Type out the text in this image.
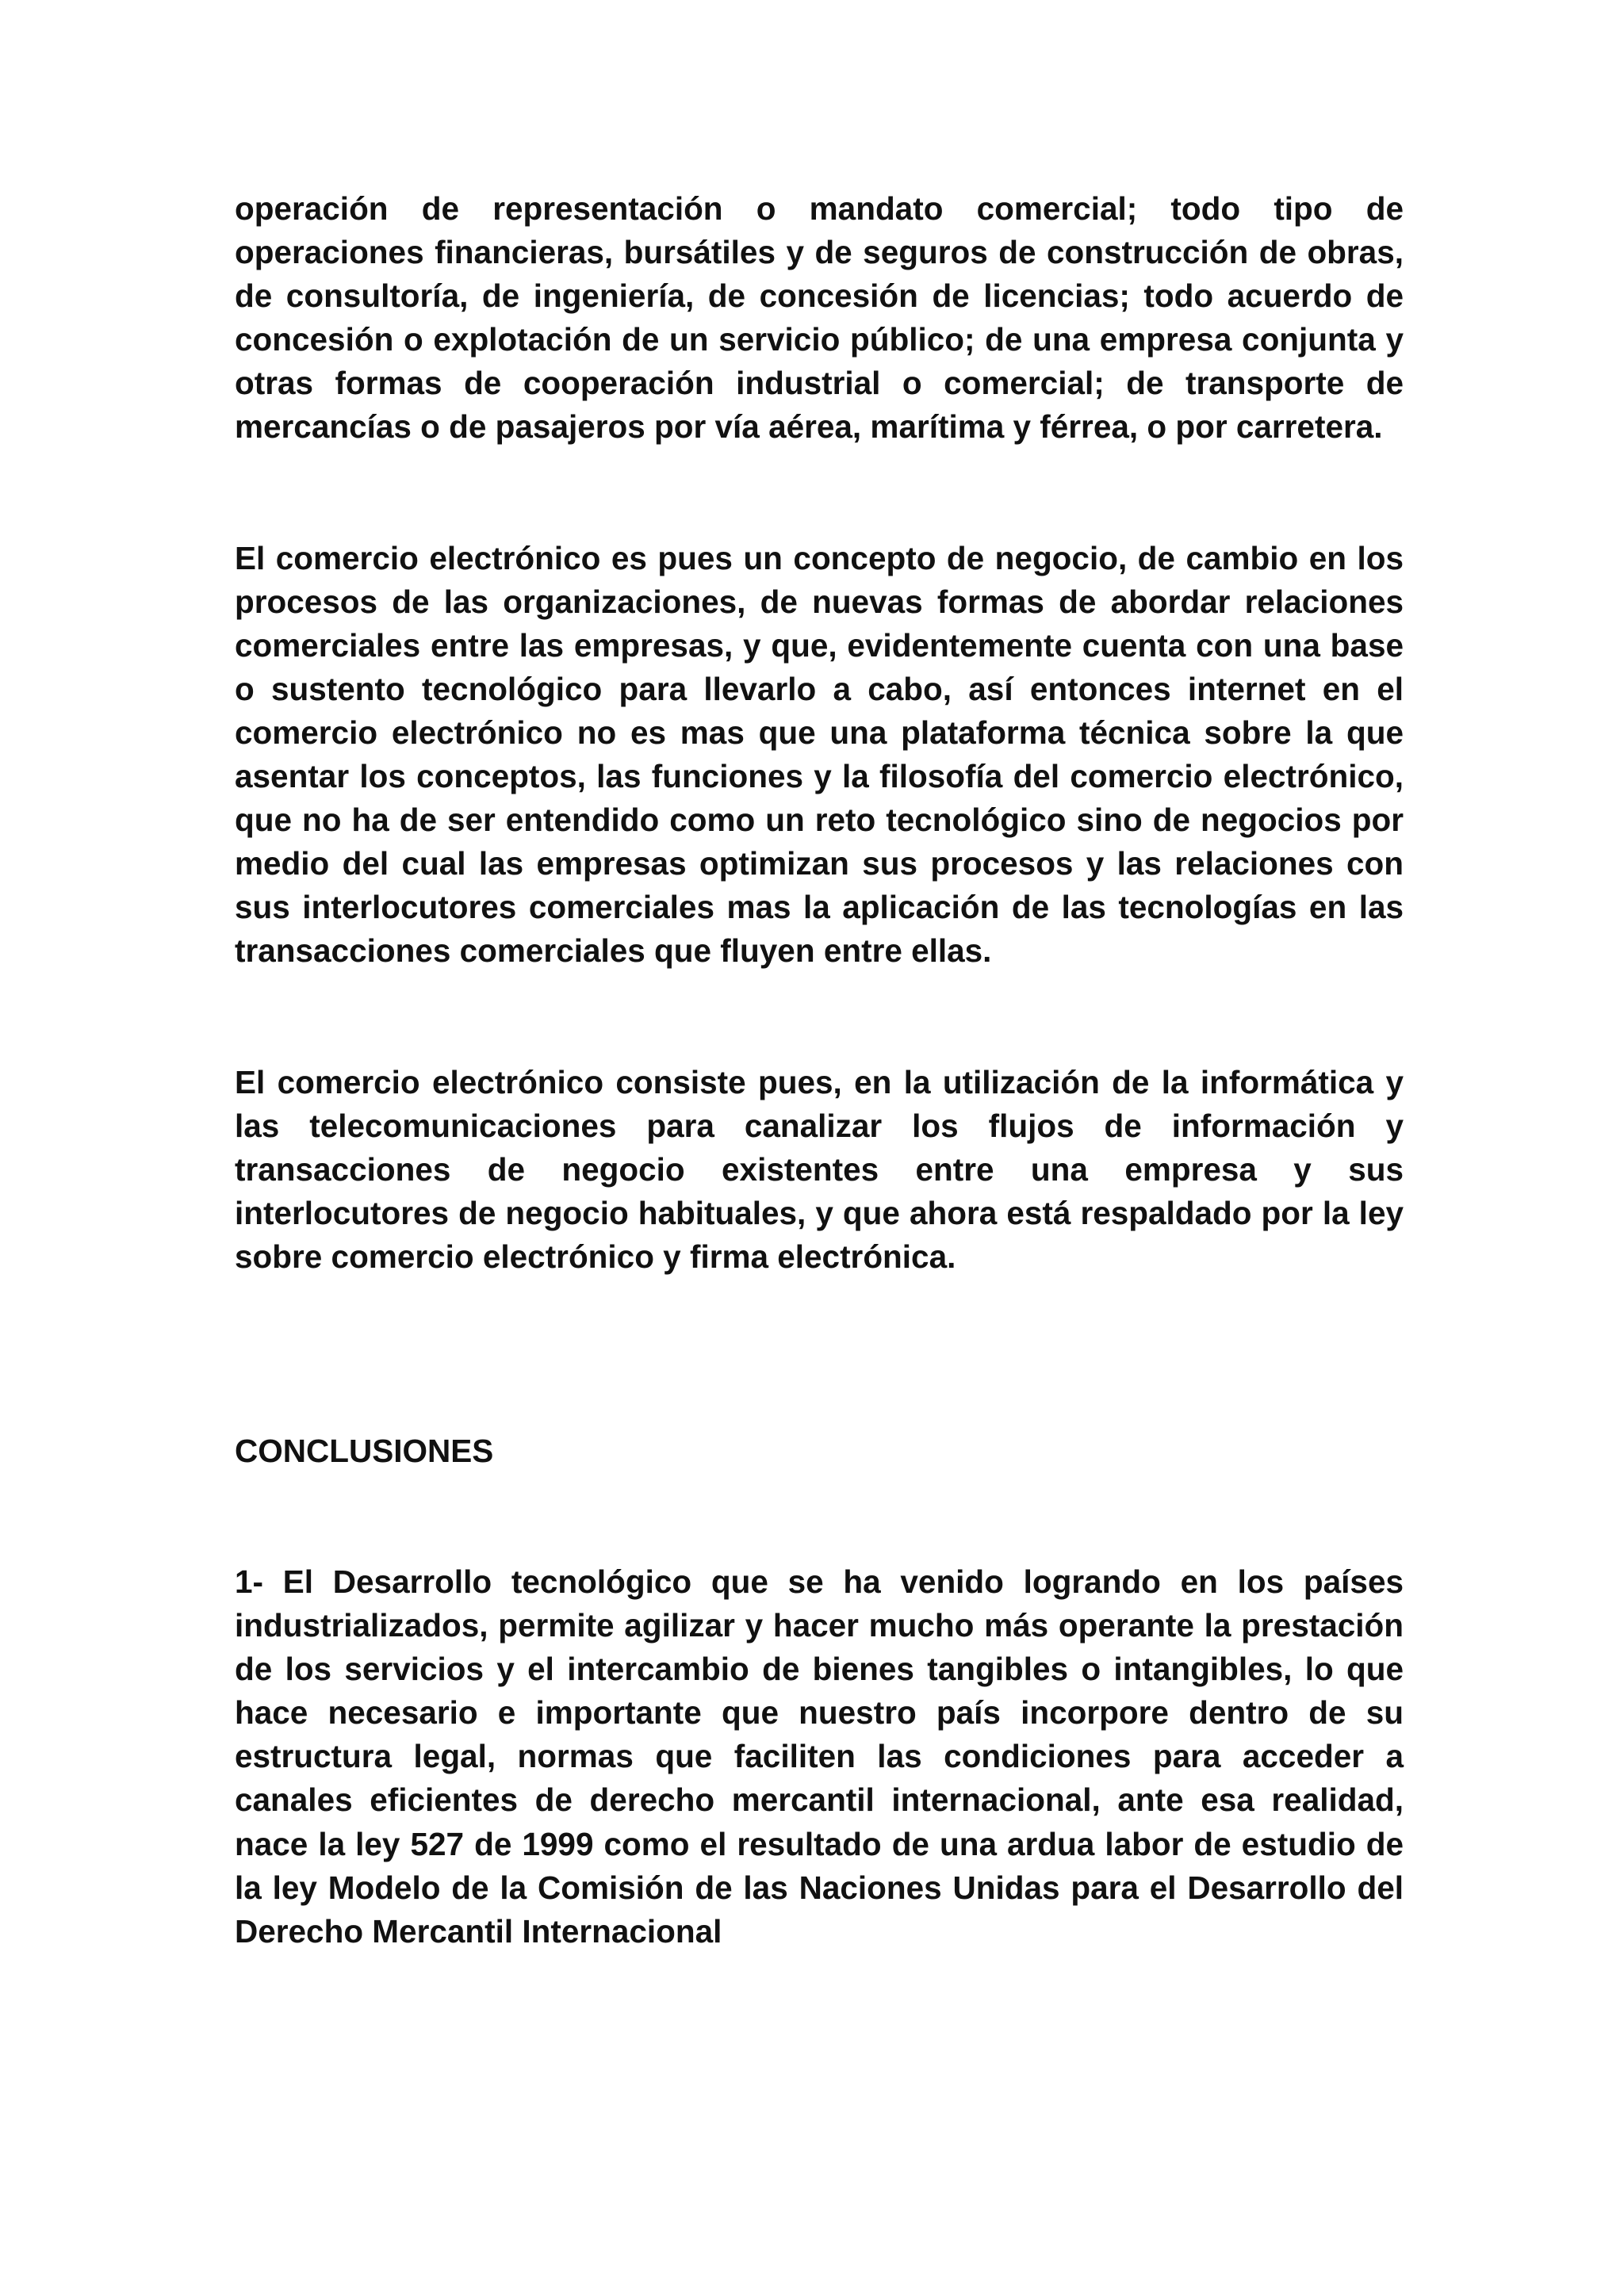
operación de representación o mandato comercial; todo tipo de operaciones financieras, bursátiles y de seguros de construcción de obras, de consultoría, de ingeniería, de concesión de licencias; todo acuerdo de concesión o explotación de un servicio público; de una empresa conjunta y otras formas de cooperación industrial o comercial; de transporte de mercancías o de pasajeros por vía aérea, marítima y férrea, o por carretera.

El comercio electrónico es pues un concepto de negocio, de cambio en los procesos de las organizaciones, de nuevas formas de abordar relaciones comerciales entre las empresas, y que, evidentemente cuenta con una base o sustento tecnológico para llevarlo a cabo, así entonces internet en el comercio electrónico no es mas que una plataforma técnica sobre la que asentar los conceptos, las funciones y la filosofía del comercio electrónico, que no ha de ser entendido como un reto tecnológico sino de negocios por medio del cual las empresas optimizan sus procesos y las relaciones con sus interlocutores comerciales mas la aplicación de las tecnologías en las transacciones comerciales que fluyen entre ellas.

El comercio electrónico consiste pues, en la utilización de la informática y las telecomunicaciones para canalizar los flujos de información y transacciones de negocio existentes entre una empresa y sus interlocutores de negocio habituales, y que ahora está respaldado por la ley sobre comercio electrónico y firma electrónica.

CONCLUSIONES

1- El Desarrollo tecnológico que se ha venido logrando en los países industrializados, permite agilizar y hacer mucho más operante la prestación de los servicios y el intercambio de bienes tangibles o intangibles, lo que hace necesario e importante que nuestro país incorpore dentro de su estructura legal, normas que faciliten las condiciones para acceder a canales eficientes de derecho mercantil internacional, ante esa realidad, nace la ley 527 de 1999 como el resultado de una ardua labor de estudio de la ley Modelo de la Comisión de las Naciones Unidas para el Desarrollo del Derecho Mercantil Internacional
